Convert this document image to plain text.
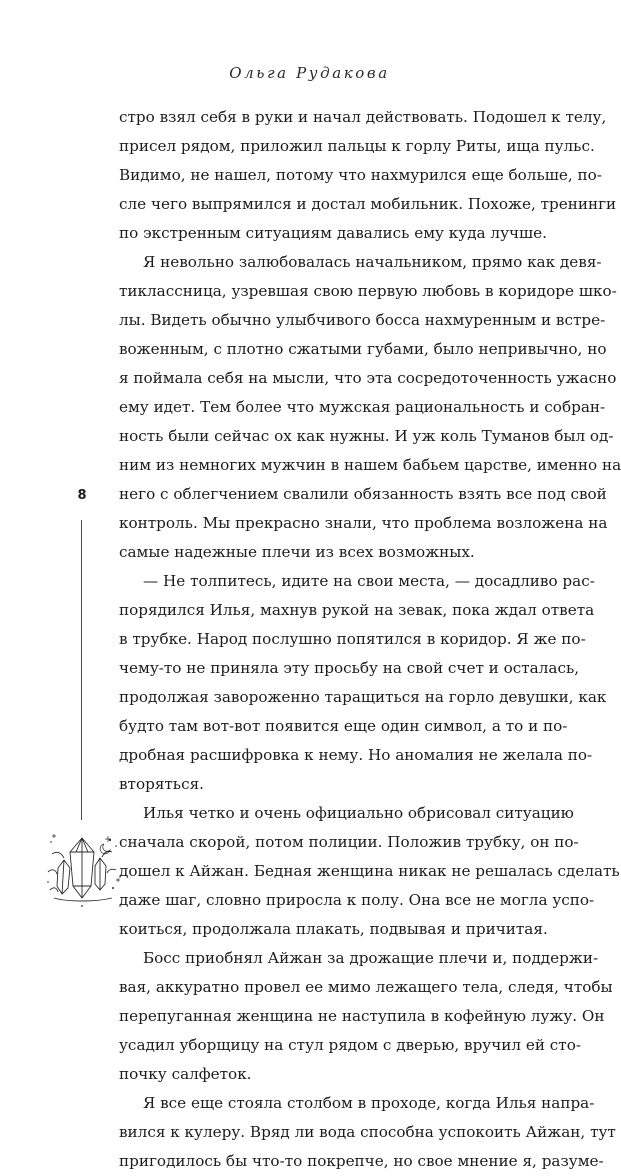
Ольга Рудакова
стро взял себя в руки и начал действовать. Подошел к телу,
присел рядом, приложил пальцы к горлу Риты, ища пульс.
Видимо, не нашел, потому что нахмурился еще больше, по-
сле чего выпрямился и достал мобильник. Похоже, тренинги
по экстренным ситуациям давались ему куда лучше.
Я невольно залюбовалась начальником, прямо как девя-
тиклассница, узревшая свою первую любовь в коридоре шко-
лы. Видеть обычно улыбчивого босса нахмуренным и встре-
воженным, с плотно сжатыми губами, было непривычно, но
я поймала себя на мысли, что эта сосредоточенность ужасно
ему идет. Тем более что мужская рациональность и собран-
ность были сейчас ох как нужны. И уж коль Туманов был од-
ним из немногих мужчин в нашем бабьем царстве, именно на
него с облегчением свалили обязанность взять все под свой
контроль. Мы прекрасно знали, что проблема возложена на
самые надежные плечи из всех возможных.
— Не толпитесь, идите на свои места, — досадливо рас-
порядился Илья, махнув рукой на зевак, пока ждал ответа
в трубке. Народ послушно попятился в коридор. Я же по-
чему-то не приняла эту просьбу на свой счет и осталась,
продолжая завороженно таращиться на горло девушки, как
будто там вот-вот появится еще один символ, а то и по-
дробная расшифровка к нему. Но аномалия не желала по-
вторяться.
Илья четко и очень официально обрисовал ситуацию
сначала скорой, потом полиции. Положив трубку, он по-
дошел к Айжан. Бедная женщина никак не решалась сделать
даже шаг, словно приросла к полу. Она все не могла успо-
коиться, продолжала плакать, подвывая и причитая.
Босс приобнял Айжан за дрожащие плечи и, поддержи-
вая, аккуратно провел ее мимо лежащего тела, следя, чтобы
перепуганная женщина не наступила в кофейную лужу. Он
усадил уборщицу на стул рядом с дверью, вручил ей сто-
почку салфеток.
Я все еще стояла столбом в проходе, когда Илья напра-
вился к кулеру. Вряд ли вода способна успокоить Айжан, тут
пригодилось бы что-то покрепче, но свое мнение я, разуме-
8
